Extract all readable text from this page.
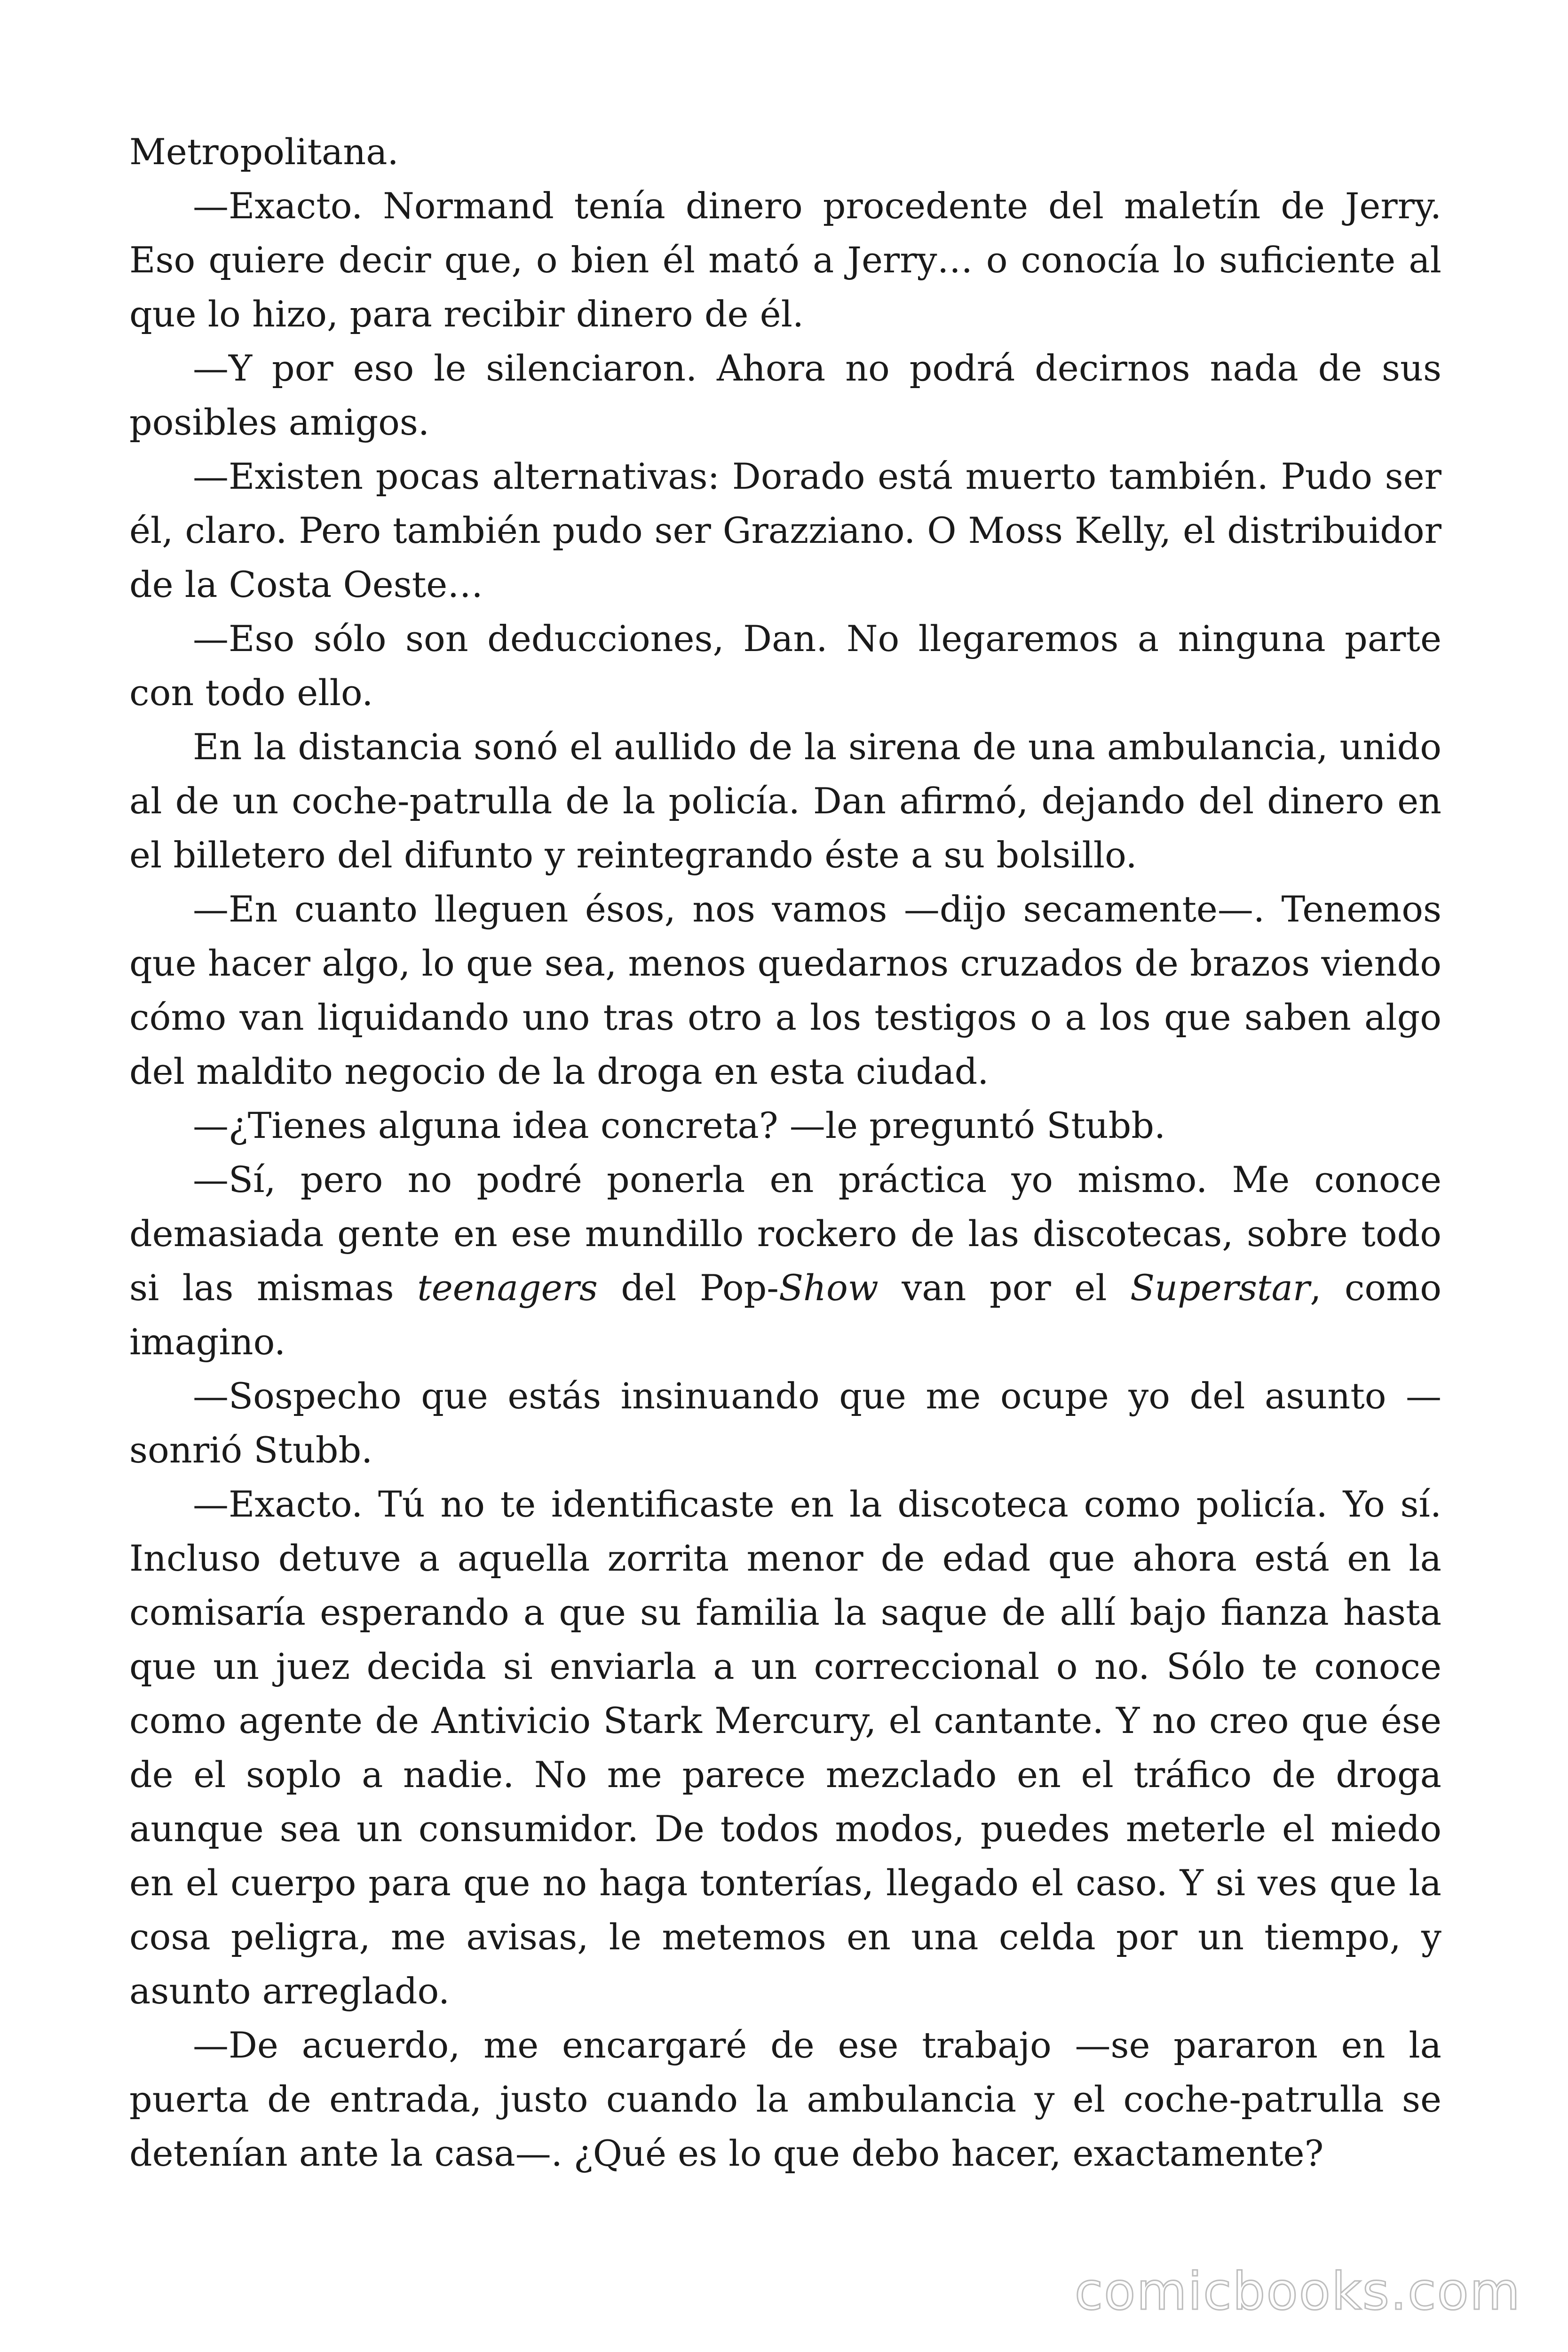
Metropolitana.

—Exacto. Normand tenía dinero procedente del maletín de Jerry. Eso quiere decir que, o bien él mató a Jerry… o conocía lo suficiente al que lo hizo, para recibir dinero de él.

—Y por eso le silenciaron. Ahora no podrá decirnos nada de sus posibles amigos.

—Existen pocas alternativas: Dorado está muerto también. Pudo ser él, claro. Pero también pudo ser Grazziano. O Moss Kelly, el distribuidor de la Costa Oeste…

—Eso sólo son deducciones, Dan. No llegaremos a ninguna parte con todo ello.

En la distancia sonó el aullido de la sirena de una ambulancia, unido al de un coche-patrulla de la policía. Dan afirmó, dejando del dinero en el billetero del difunto y reintegrando éste a su bolsillo.

—En cuanto lleguen ésos, nos vamos —dijo secamente—. Tenemos que hacer algo, lo que sea, menos quedarnos cruzados de brazos viendo cómo van liquidando uno tras otro a los testigos o a los que saben algo del maldito negocio de la droga en esta ciudad.

—¿Tienes alguna idea concreta? —le preguntó Stubb.

—Sí, pero no podré ponerla en práctica yo mismo. Me conoce demasiada gente en ese mundillo rockero de las discotecas, sobre todo si las mismas teenagers del Pop-Show van por el Superstar, como imagino.

—Sospecho que estás insinuando que me ocupe yo del asunto —sonrió Stubb.

—Exacto. Tú no te identificaste en la discoteca como policía. Yo sí. Incluso detuve a aquella zorrita menor de edad que ahora está en la comisaría esperando a que su familia la saque de allí bajo fianza hasta que un juez decida si enviarla a un correccional o no. Sólo te conoce como agente de Antivicio Stark Mercury, el cantante. Y no creo que ése de el soplo a nadie. No me parece mezclado en el tráfico de droga aunque sea un consumidor. De todos modos, puedes meterle el miedo en el cuerpo para que no haga tonterías, llegado el caso. Y si ves que la cosa peligra, me avisas, le metemos en una celda por un tiempo, y asunto arreglado.

—De acuerdo, me encargaré de ese trabajo —se pararon en la puerta de entrada, justo cuando la ambulancia y el coche-patrulla se detenían ante la casa—. ¿Qué es lo que debo hacer, exactamente?

comicbooks.com
